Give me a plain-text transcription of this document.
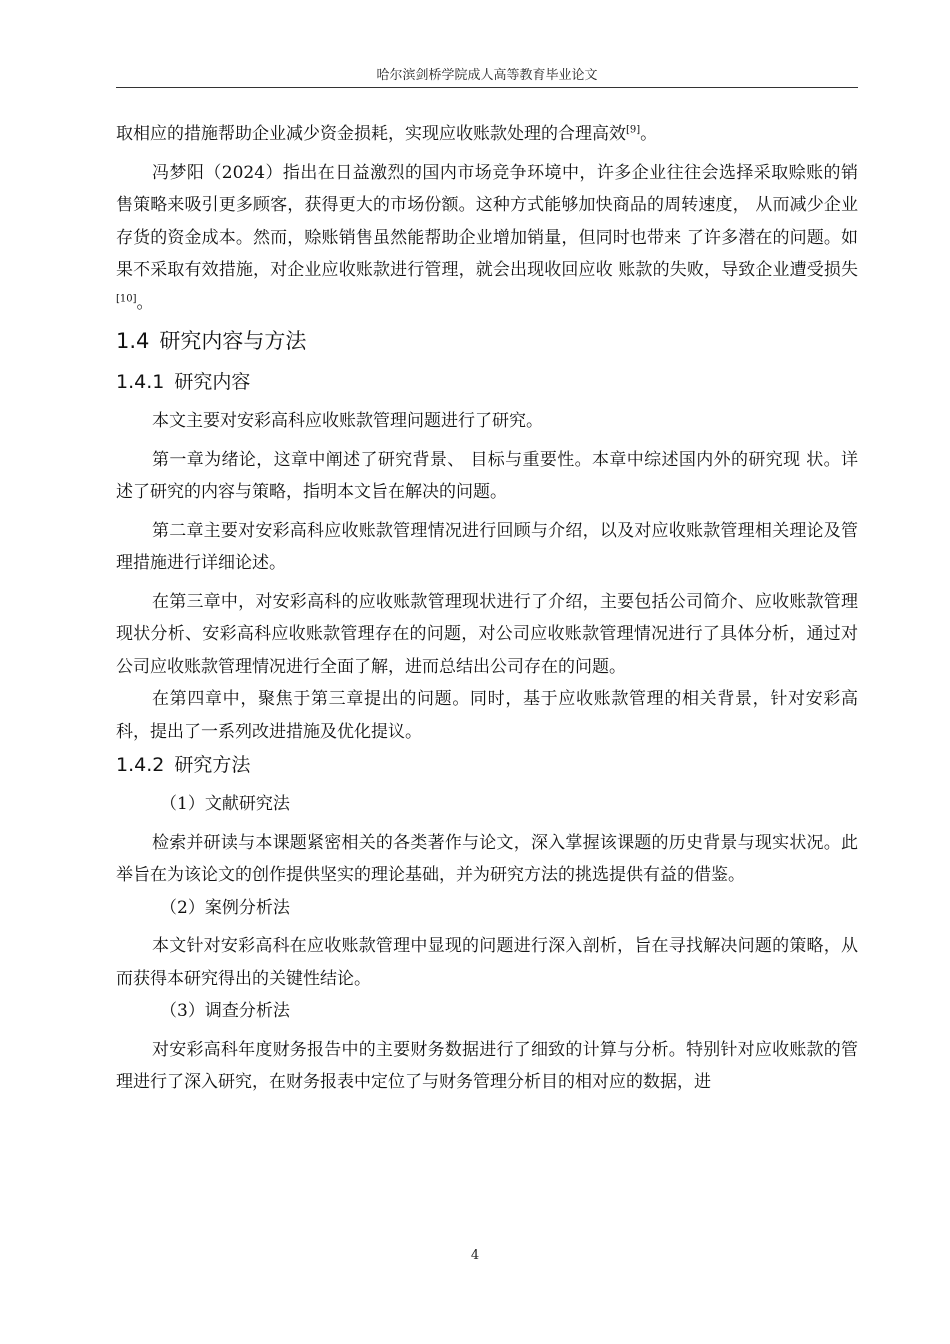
哈尔滨剑桥学院成人高等教育毕业论文

取相应的措施帮助企业减少资金损耗，实现应收账款处理的合理高效[9]。

冯梦阳（2024）指出在日益激烈的国内市场竞争环境中，许多企业往往会选择采取赊账的销售策略来吸引更多顾客，获得更大的市场份额。这种方式能够加快商品的周转速度， 从而减少企业存货的资金成本。然而，赊账销售虽然能帮助企业增加销量，但同时也带来 了许多潜在的问题。如果不采取有效措施，对企业应收账款进行管理，就会出现收回应收 账款的失败，导致企业遭受损失[10]。

1.4 研究内容与方法
1.4.1 研究内容

本文主要对安彩高科应收账款管理问题进行了研究。

第一章为绪论，这章中阐述了研究背景、 目标与重要性。本章中综述国内外的研究现 状。详述了研究的内容与策略，指明本文旨在解决的问题。

第二章主要对安彩高科应收账款管理情况进行回顾与介绍，以及对应收账款管理相关理论及管理措施进行详细论述。

在第三章中，对安彩高科的应收账款管理现状进行了介绍，主要包括公司简介、应收账款管理现状分析、安彩高科应收账款管理存在的问题，对公司应收账款管理情况进行了具体分析，通过对公司应收账款管理情况进行全面了解，进而总结出公司存在的问题。

在第四章中，聚焦于第三章提出的问题。同时，基于应收账款管理的相关背景，针对安彩高科，提出了一系列改进措施及优化提议。

1.4.2 研究方法

（1）文献研究法

检索并研读与本课题紧密相关的各类著作与论文，深入掌握该课题的历史背景与现实状况。此举旨在为该论文的创作提供坚实的理论基础，并为研究方法的挑选提供有益的借鉴。

（2）案例分析法

本文针对安彩高科在应收账款管理中显现的问题进行深入剖析，旨在寻找解决问题的策略，从而获得本研究得出的关键性结论。

（3）调查分析法

对安彩高科年度财务报告中的主要财务数据进行了细致的计算与分析。特别针对应收账款的管理进行了深入研究，在财务报表中定位了与财务管理分析目的相对应的数据，进

4
